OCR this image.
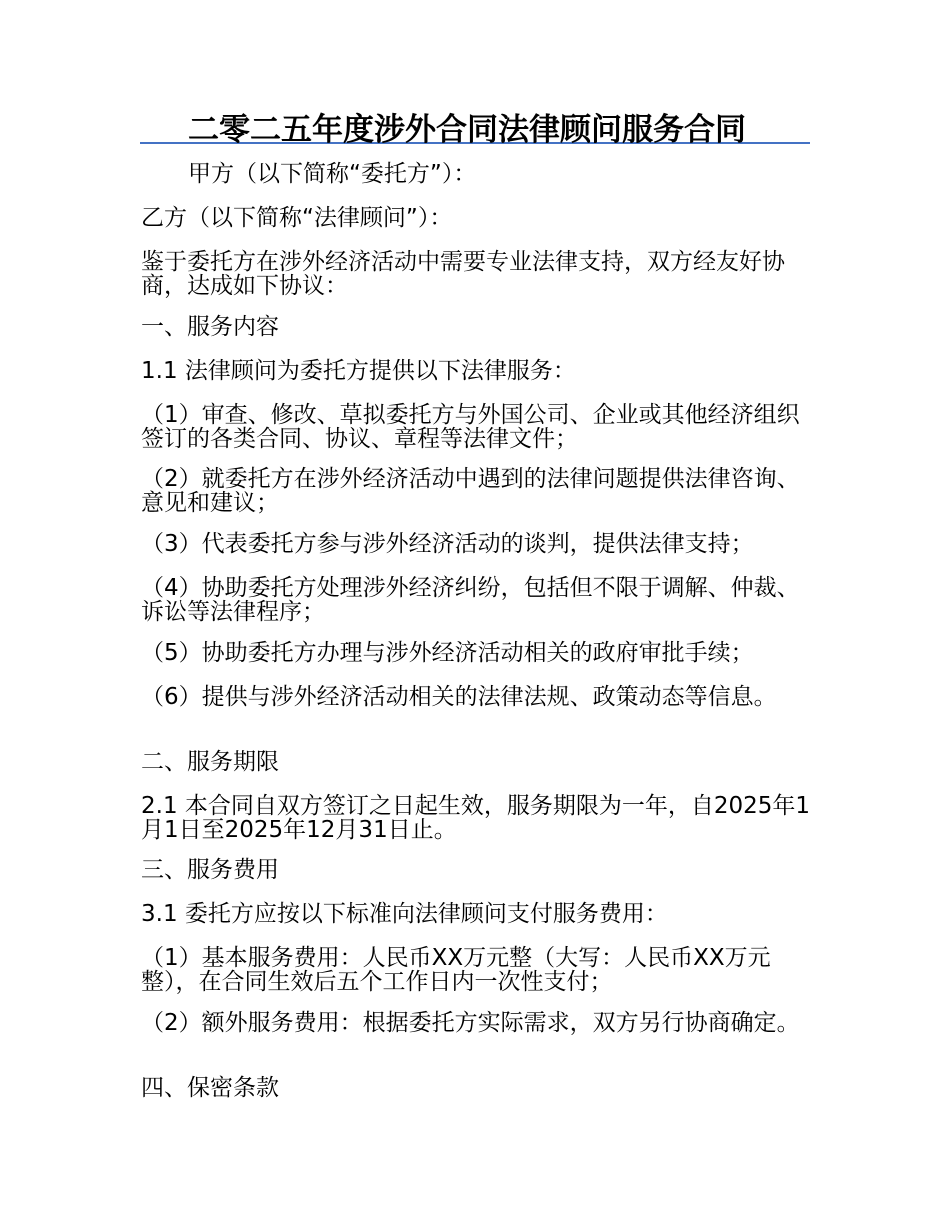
二零二五年度涉外合同法律顾问服务合同
甲方（以下简称“委托方”）：
乙方（以下简称“法律顾问”）：
鉴于委托方在涉外经济活动中需要专业法律支持，双方经友好协商，达成如下协议：
一、服务内容
1.1 法律顾问为委托方提供以下法律服务：
（1）审查、修改、草拟委托方与外国公司、企业或其他经济组织签订的各类合同、协议、章程等法律文件；
（2）就委托方在涉外经济活动中遇到的法律问题提供法律咨询、意见和建议；
（3）代表委托方参与涉外经济活动的谈判，提供法律支持；
（4）协助委托方处理涉外经济纠纷，包括但不限于调解、仲裁、诉讼等法律程序；
（5）协助委托方办理与涉外经济活动相关的政府审批手续；
（6）提供与涉外经济活动相关的法律法规、政策动态等信息。
二、服务期限
2.1 本合同自双方签订之日起生效，服务期限为一年，自2025年1月1日至2025年12月31日止。
三、服务费用
3.1 委托方应按以下标准向法律顾问支付服务费用：
（1）基本服务费用：人民币XX万元整（大写：人民币XX万元整），在合同生效后五个工作日内一次性支付；
（2）额外服务费用：根据委托方实际需求，双方另行协商确定。
四、保密条款
